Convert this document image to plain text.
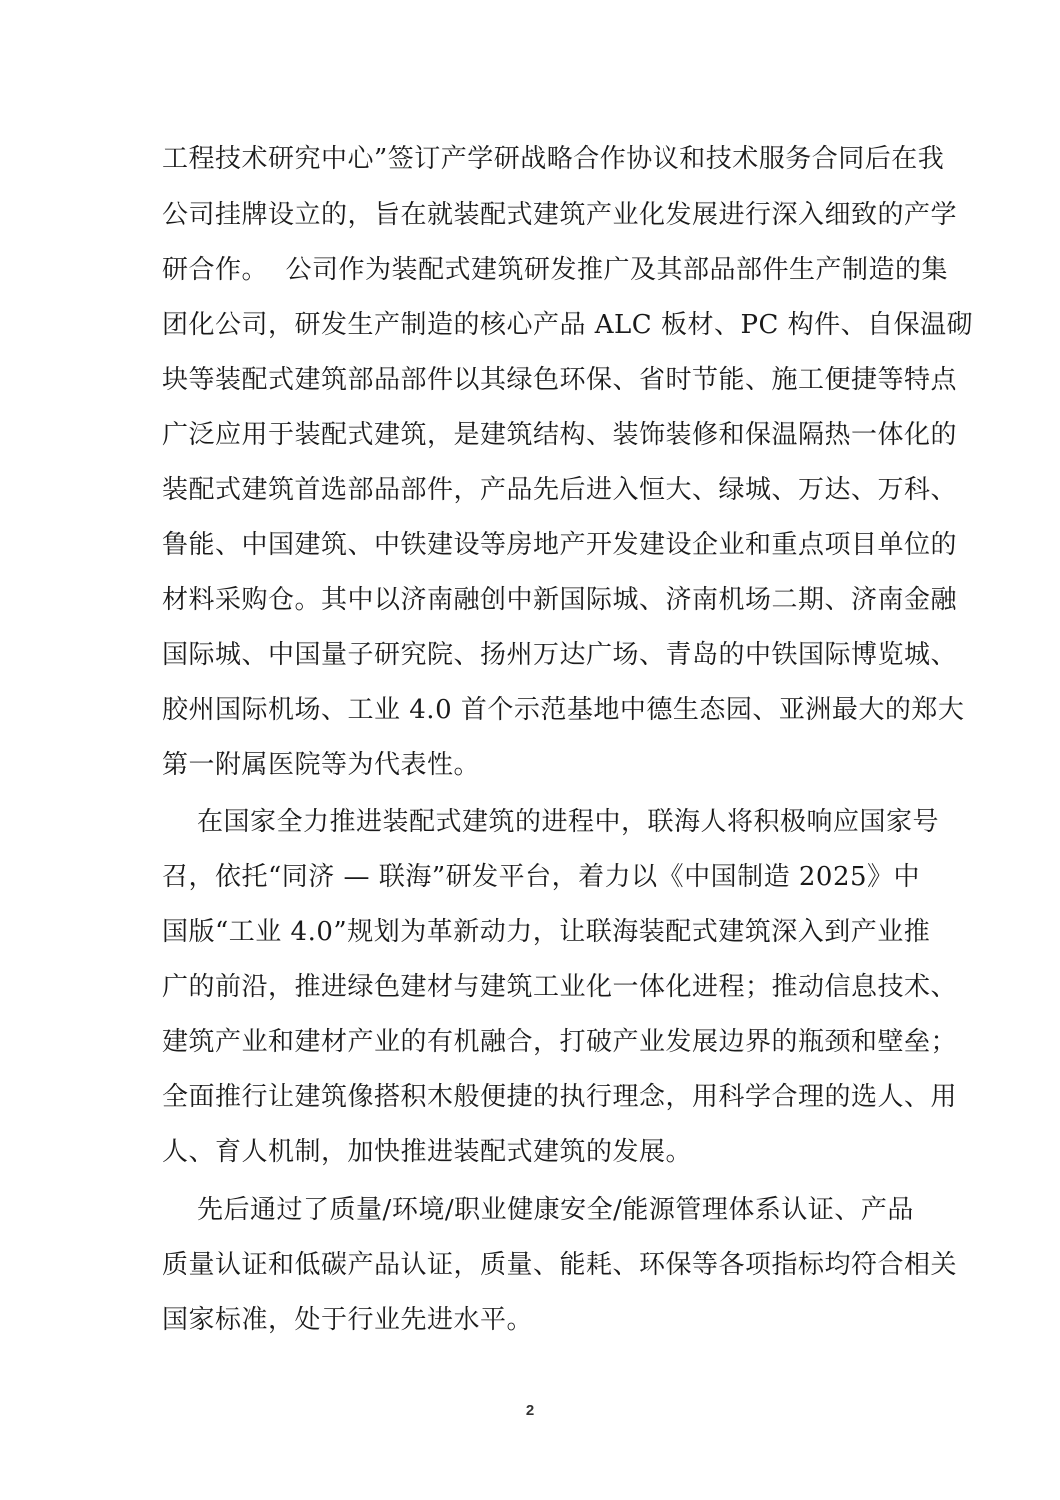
工程技术研究中心”签订产学研战略合作协议和技术服务合同后在我
公司挂牌设立的，旨在就装配式建筑产业化发展进行深入细致的产学
研合作。  公司作为装配式建筑研发推广及其部品部件生产制造的集
团化公司，研发生产制造的核心产品 ALC 板材、PC 构件、自保温砌
块等装配式建筑部品部件以其绿色环保、省时节能、施工便捷等特点
广泛应用于装配式建筑，是建筑结构、装饰装修和保温隔热一体化的
装配式建筑首选部品部件，产品先后进入恒大、绿城、万达、万科、
鲁能、中国建筑、中铁建设等房地产开发建设企业和重点项目单位的
材料采购仓。其中以济南融创中新国际城、济南机场二期、济南金融
国际城、中国量子研究院、扬州万达广场、青岛的中铁国际博览城、
胶州国际机场、工业 4.0 首个示范基地中德生态园、亚洲最大的郑大
第一附属医院等为代表性。
在国家全力推进装配式建筑的进程中，联海人将积极响应国家号
召，依托“同济 — 联海”研发平台，着力以《中国制造 2025》中
国版“工业 4.0”规划为革新动力，让联海装配式建筑深入到产业推
广的前沿，推进绿色建材与建筑工业化一体化进程；推动信息技术、
建筑产业和建材产业的有机融合，打破产业发展边界的瓶颈和壁垒；
全面推行让建筑像搭积木般便捷的执行理念，用科学合理的选人、用
人、育人机制，加快推进装配式建筑的发展。
先后通过了质量/环境/职业健康安全/能源管理体系认证、产品
质量认证和低碳产品认证，质量、能耗、环保等各项指标均符合相关
国家标准，处于行业先进水平。
2
